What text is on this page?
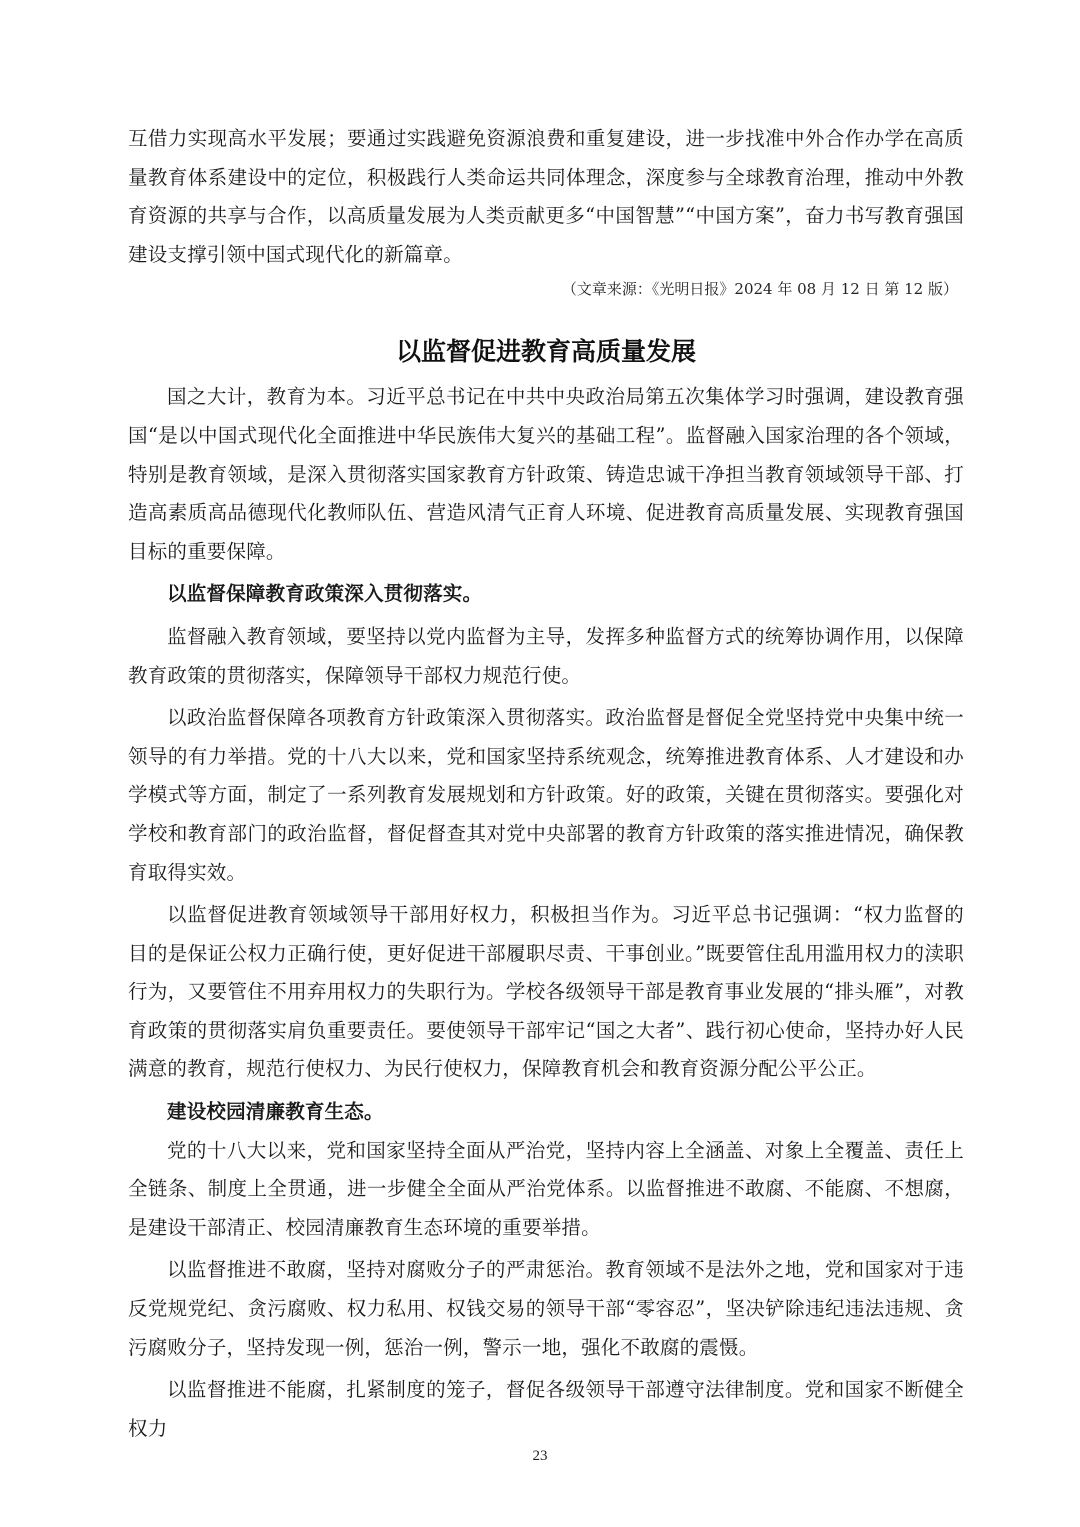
互借力实现高水平发展；要通过实践避免资源浪费和重复建设，进一步找准中外合作办学在高质量教育体系建设中的定位，积极践行人类命运共同体理念，深度参与全球教育治理，推动中外教育资源的共享与合作，以高质量发展为人类贡献更多“中国智慧”“中国方案”，奋力书写教育强国建设支撑引领中国式现代化的新篇章。

（文章来源：《光明日报》2024 年 08 月 12 日 第 12 版）

以监督促进教育高质量发展

国之大计，教育为本。习近平总书记在中共中央政治局第五次集体学习时强调，建设教育强国“是以中国式现代化全面推进中华民族伟大复兴的基础工程”。监督融入国家治理的各个领域，特别是教育领域，是深入贯彻落实国家教育方针政策、铸造忠诚干净担当教育领域领导干部、打造高素质高品德现代化教师队伍、营造风清气正育人环境、促进教育高质量发展、实现教育强国目标的重要保障。

以监督保障教育政策深入贯彻落实。

监督融入教育领域，要坚持以党内监督为主导，发挥多种监督方式的统筹协调作用，以保障教育政策的贯彻落实，保障领导干部权力规范行使。

以政治监督保障各项教育方针政策深入贯彻落实。政治监督是督促全党坚持党中央集中统一领导的有力举措。党的十八大以来，党和国家坚持系统观念，统筹推进教育体系、人才建设和办学模式等方面，制定了一系列教育发展规划和方针政策。好的政策，关键在贯彻落实。要强化对学校和教育部门的政治监督，督促督查其对党中央部署的教育方针政策的落实推进情况，确保教育取得实效。

以监督促进教育领域领导干部用好权力，积极担当作为。习近平总书记强调：“权力监督的目的是保证公权力正确行使，更好促进干部履职尽责、干事创业。”既要管住乱用滥用权力的渎职行为，又要管住不用弃用权力的失职行为。学校各级领导干部是教育事业发展的“排头雁”，对教育政策的贯彻落实肩负重要责任。要使领导干部牢记“国之大者”、践行初心使命，坚持办好人民满意的教育，规范行使权力、为民行使权力，保障教育机会和教育资源分配公平公正。

建设校园清廉教育生态。

党的十八大以来，党和国家坚持全面从严治党，坚持内容上全涵盖、对象上全覆盖、责任上全链条、制度上全贯通，进一步健全全面从严治党体系。以监督推进不敢腐、不能腐、不想腐，是建设干部清正、校园清廉教育生态环境的重要举措。

以监督推进不敢腐，坚持对腐败分子的严肃惩治。教育领域不是法外之地，党和国家对于违反党规党纪、贪污腐败、权力私用、权钱交易的领导干部“零容忍”，坚决铲除违纪违法违规、贪污腐败分子，坚持发现一例，惩治一例，警示一地，强化不敢腐的震慑。

以监督推进不能腐，扎紧制度的笼子，督促各级领导干部遵守法律制度。党和国家不断健全权力

23
